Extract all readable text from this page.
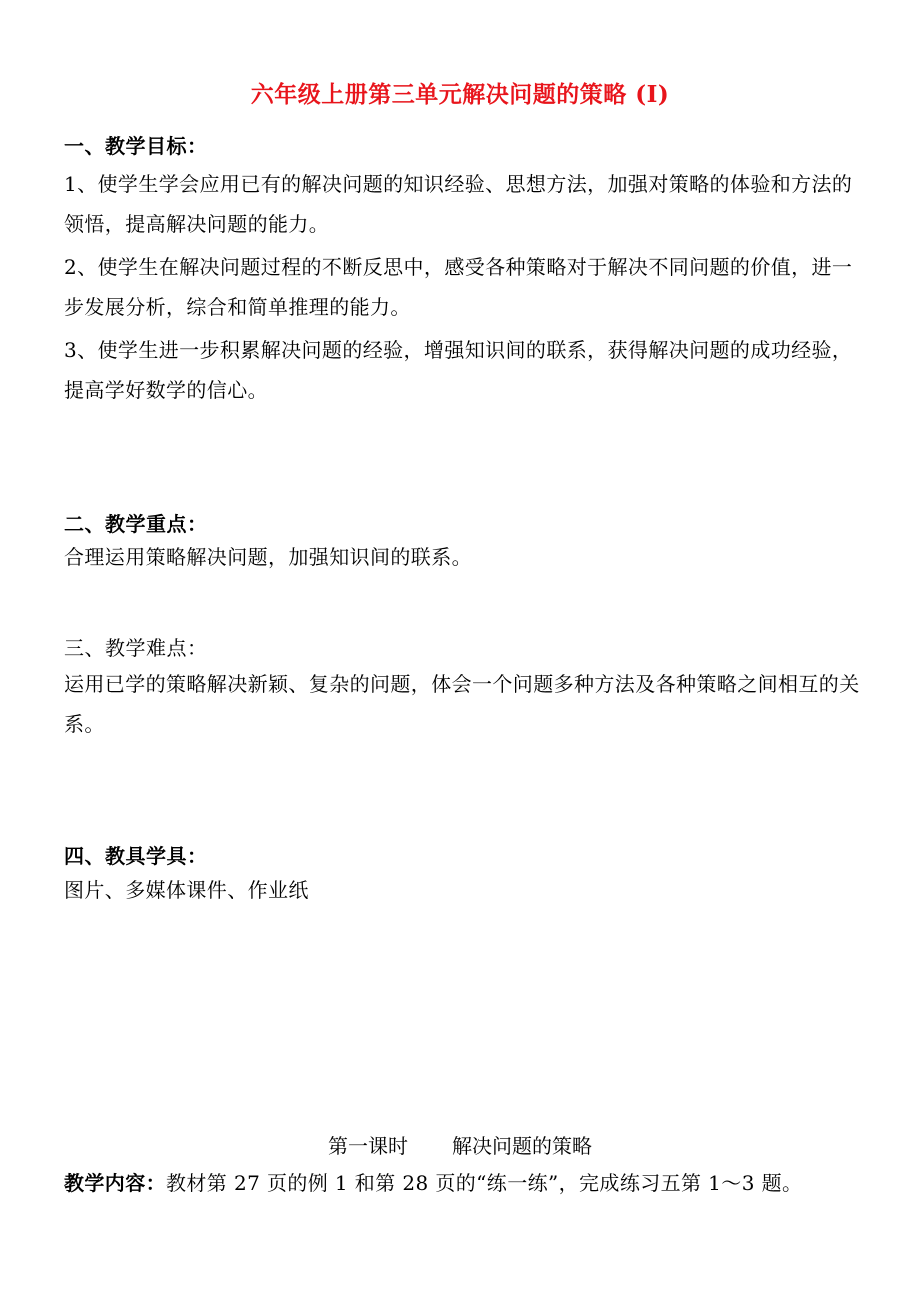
六年级上册第三单元解决问题的策略 (I)
一、教学目标：
1、使学生学会应用已有的解决问题的知识经验、思想方法，加强对策略的体验和方法的领悟，提高解决问题的能力。
2、使学生在解决问题过程的不断反思中，感受各种策略对于解决不同问题的价值，进一步发展分析，综合和简单推理的能力。
3、使学生进一步积累解决问题的经验，增强知识间的联系，获得解决问题的成功经验，提高学好数学的信心。
二、教学重点：
合理运用策略解决问题，加强知识间的联系。
三、教学难点：
运用已学的策略解决新颖、复杂的问题，体会一个问题多种方法及各种策略之间相互的关系。
四、教具学具：
图片、多媒体课件、作业纸
第一课时 解决问题的策略
教学内容：教材第 27 页的例 1 和第 28 页的“练一练”，完成练习五第 1～3 题。
